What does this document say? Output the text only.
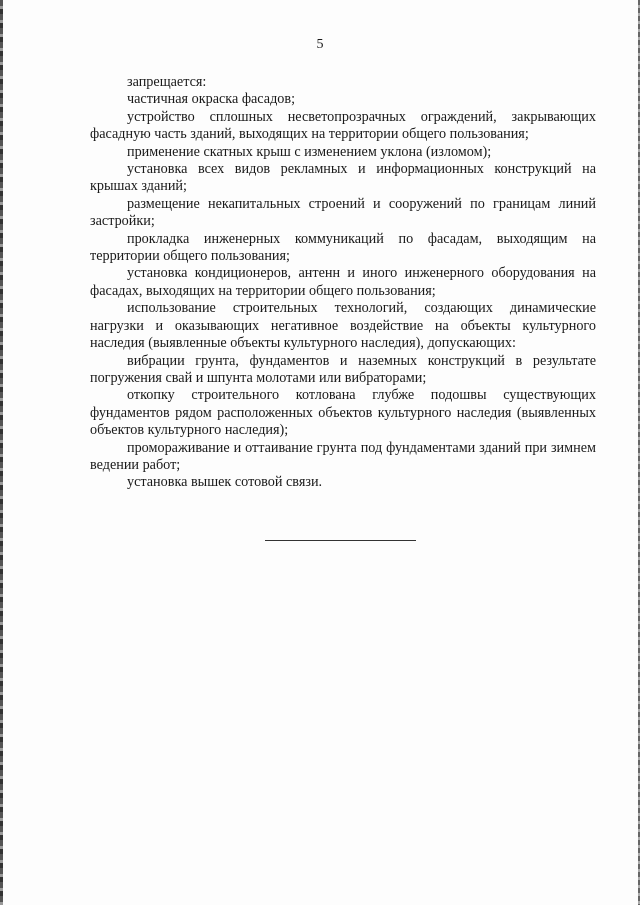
5

запрещается:

частичная окраска фасадов;

устройство сплошных несветопрозрачных ограждений, закрывающих фасадную часть зданий, выходящих на территории общего пользования;

применение скатных крыш с изменением уклона (изломом);

установка всех видов рекламных и информационных конструкций на крышах зданий;

размещение некапитальных строений и сооружений по границам линий застройки;

прокладка инженерных коммуникаций по фасадам, выходящим на территории общего пользования;

установка кондиционеров, антенн и иного инженерного оборудования на фасадах, выходящих на территории общего пользования;

использование строительных технологий, создающих динамические нагрузки и оказывающих негативное воздействие на объекты культурного наследия (выявленные объекты культурного наследия), допускающих:

вибрации грунта, фундаментов и наземных конструкций в результате погружения свай и шпунта молотами или вибраторами;

откопку строительного котлована глубже подошвы существующих фундаментов рядом расположенных объектов культурного наследия (выявленных объектов культурного наследия);

промораживание и оттаивание грунта под фундаментами зданий при зимнем ведении работ;

установка вышек сотовой связи.
